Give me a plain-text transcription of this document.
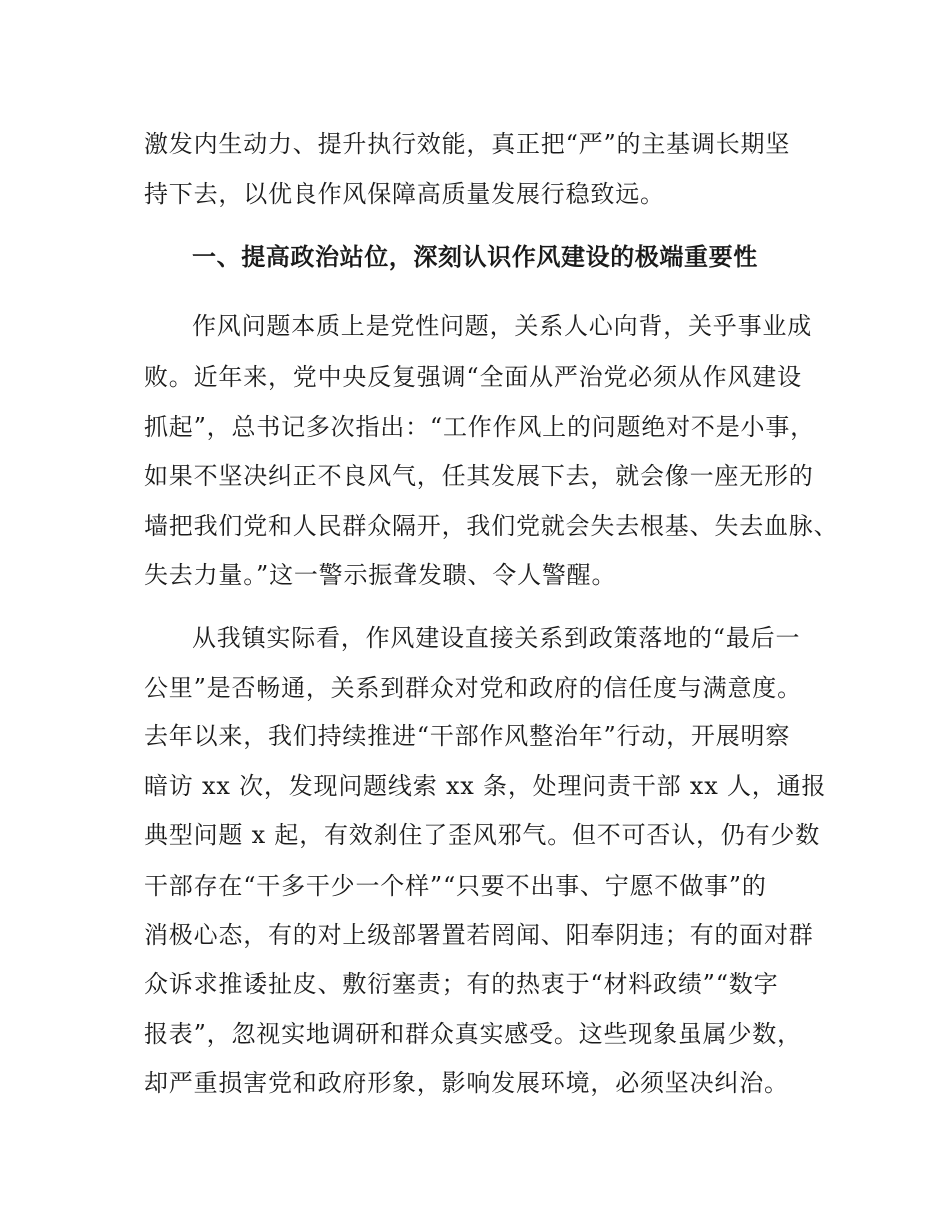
激发内生动力、提升执行效能，真正把“严”的主基调长期坚
持下去，以优良作风保障高质量发展行稳致远。
一、提高政治站位，深刻认识作风建设的极端重要性
作风问题本质上是党性问题，关系人心向背，关乎事业成
败。近年来，党中央反复强调“全面从严治党必须从作风建设
抓起”，总书记多次指出：“工作作风上的问题绝对不是小事，
如果不坚决纠正不良风气，任其发展下去，就会像一座无形的
墙把我们党和人民群众隔开，我们党就会失去根基、失去血脉、
失去力量。”这一警示振聋发聩、令人警醒。
从我镇实际看，作风建设直接关系到政策落地的“最后一
公里”是否畅通，关系到群众对党和政府的信任度与满意度。
去年以来，我们持续推进“干部作风整治年”行动，开展明察
暗访 xx 次，发现问题线索 xx 条，处理问责干部 xx 人，通报
典型问题 x 起，有效刹住了歪风邪气。但不可否认，仍有少数
干部存在“干多干少一个样”“只要不出事、宁愿不做事”的
消极心态，有的对上级部署置若罔闻、阳奉阴违；有的面对群
众诉求推诿扯皮、敷衍塞责；有的热衷于“材料政绩”“数字
报表”，忽视实地调研和群众真实感受。这些现象虽属少数，
却严重损害党和政府形象，影响发展环境，必须坚决纠治。
